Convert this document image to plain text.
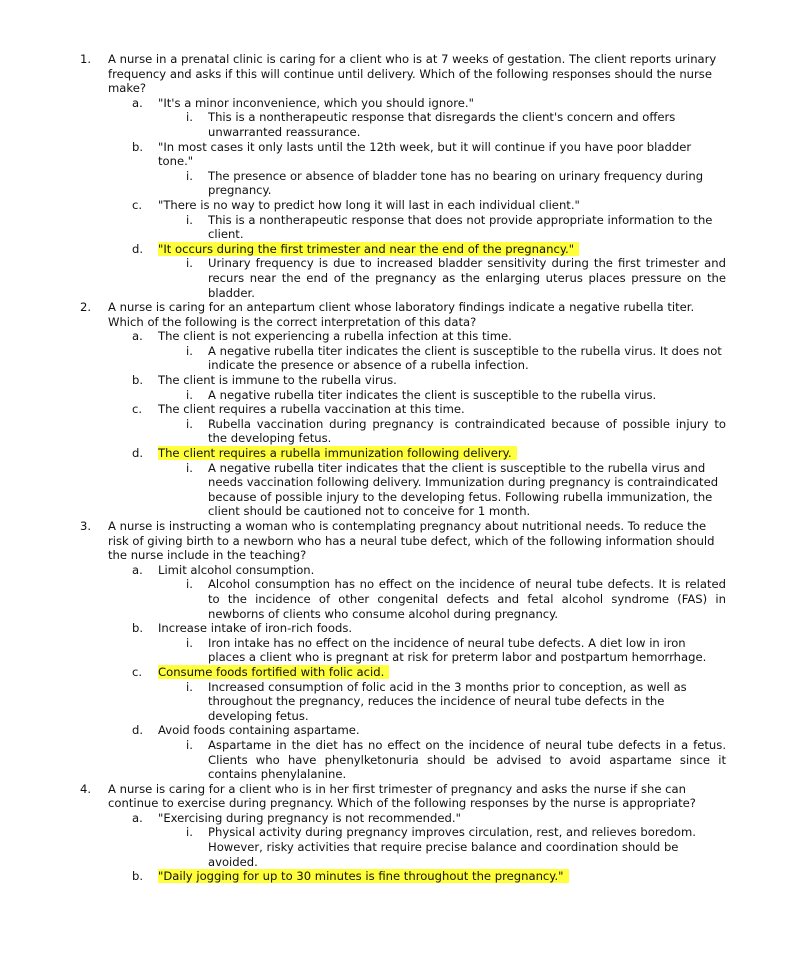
1. A nurse in a prenatal clinic is caring for a client who is at 7 weeks of gestation. The client reports urinary frequency and asks if this will continue until delivery. Which of the following responses should the nurse make?
a. "It's a minor inconvenience, which you should ignore."
i. This is a nontherapeutic response that disregards the client's concern and offers unwarranted reassurance.
b. "In most cases it only lasts until the 12th week, but it will continue if you have poor bladder tone."
i. The presence or absence of bladder tone has no bearing on urinary frequency during pregnancy.
c. "There is no way to predict how long it will last in each individual client."
i. This is a nontherapeutic response that does not provide appropriate information to the client.
d. "It occurs during the first trimester and near the end of the pregnancy."
i. Urinary frequency is due to increased bladder sensitivity during the first trimester and recurs near the end of the pregnancy as the enlarging uterus places pressure on the bladder.
2. A nurse is caring for an antepartum client whose laboratory findings indicate a negative rubella titer. Which of the following is the correct interpretation of this data?
a. The client is not experiencing a rubella infection at this time.
i. A negative rubella titer indicates the client is susceptible to the rubella virus. It does not indicate the presence or absence of a rubella infection.
b. The client is immune to the rubella virus.
i. A negative rubella titer indicates the client is susceptible to the rubella virus.
c. The client requires a rubella vaccination at this time.
i. Rubella vaccination during pregnancy is contraindicated because of possible injury to the developing fetus.
d. The client requires a rubella immunization following delivery.
i. A negative rubella titer indicates that the client is susceptible to the rubella virus and needs vaccination following delivery. Immunization during pregnancy is contraindicated because of possible injury to the developing fetus. Following rubella immunization, the client should be cautioned not to conceive for 1 month.
3. A nurse is instructing a woman who is contemplating pregnancy about nutritional needs. To reduce the risk of giving birth to a newborn who has a neural tube defect, which of the following information should the nurse include in the teaching?
a. Limit alcohol consumption.
i. Alcohol consumption has no effect on the incidence of neural tube defects. It is related to the incidence of other congenital defects and fetal alcohol syndrome (FAS) in newborns of clients who consume alcohol during pregnancy.
b. Increase intake of iron-rich foods.
i. Iron intake has no effect on the incidence of neural tube defects. A diet low in iron places a client who is pregnant at risk for preterm labor and postpartum hemorrhage.
c. Consume foods fortified with folic acid.
i. Increased consumption of folic acid in the 3 months prior to conception, as well as throughout the pregnancy, reduces the incidence of neural tube defects in the developing fetus.
d. Avoid foods containing aspartame.
i. Aspartame in the diet has no effect on the incidence of neural tube defects in a fetus. Clients who have phenylketonuria should be advised to avoid aspartame since it contains phenylalanine.
4. A nurse is caring for a client who is in her first trimester of pregnancy and asks the nurse if she can continue to exercise during pregnancy. Which of the following responses by the nurse is appropriate?
a. "Exercising during pregnancy is not recommended."
i. Physical activity during pregnancy improves circulation, rest, and relieves boredom. However, risky activities that require precise balance and coordination should be avoided.
b. "Daily jogging for up to 30 minutes is fine throughout the pregnancy."
